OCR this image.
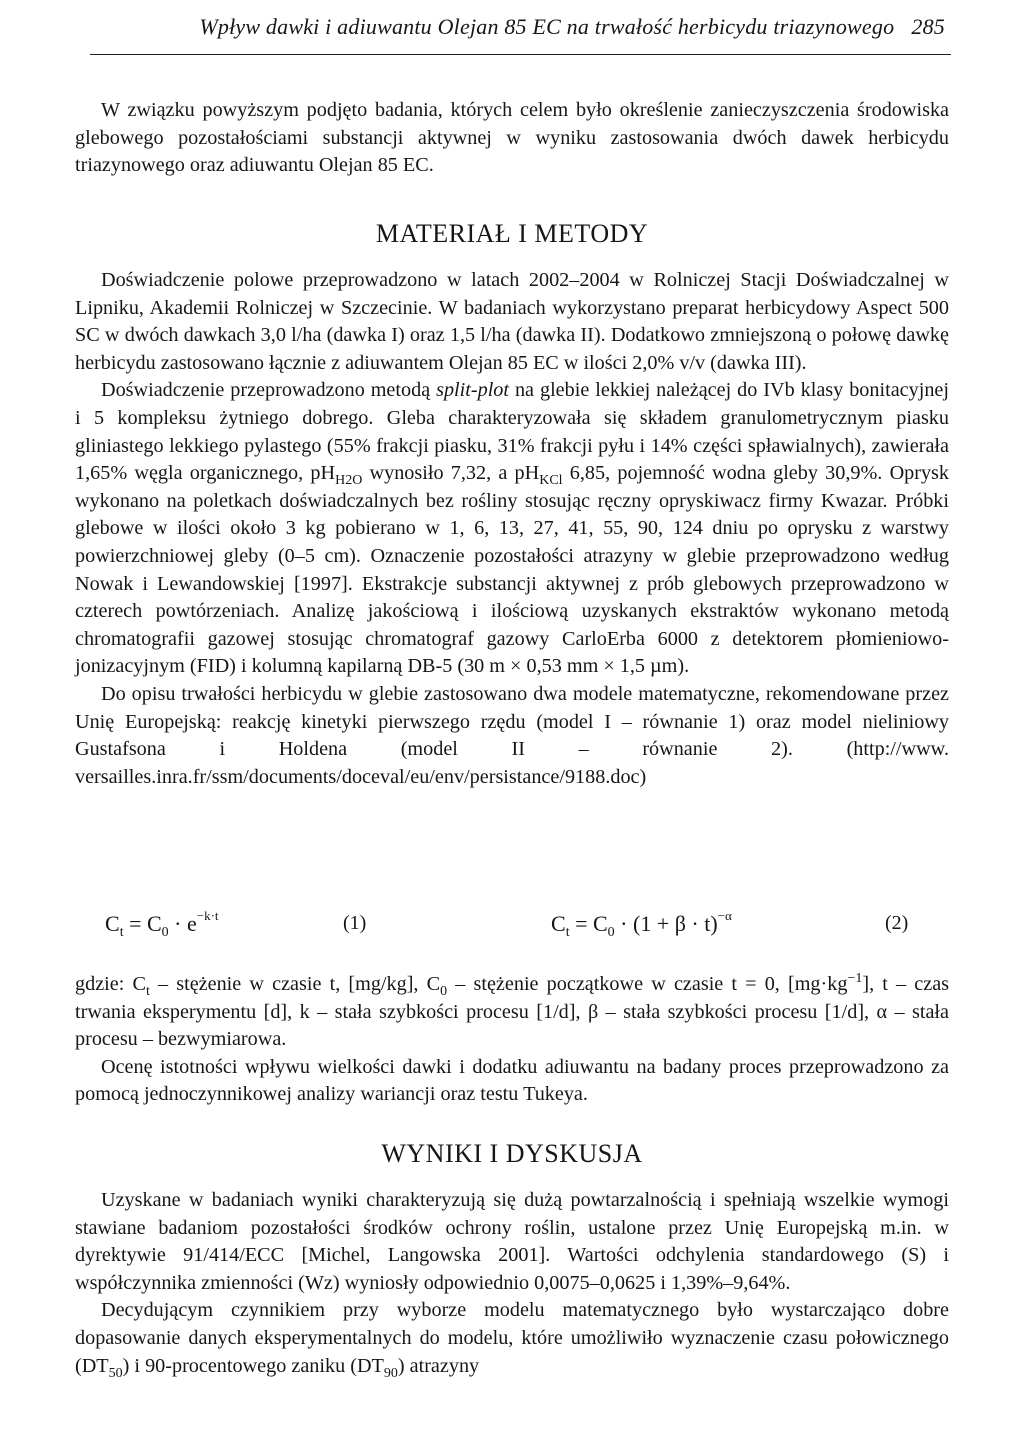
Wpływ dawki i adiuwantu Olejan 85 EC na trwałość herbicydu triazynowego 285

W związku powyższym podjęto badania, których celem było określenie zanieczyszczenia środowiska glebowego pozostałościami substancji aktywnej w wyniku zastosowania dwóch dawek herbicydu triazynowego oraz adiuwantu Olejan 85 EC.

MATERIAŁ I METODY

Doświadczenie polowe przeprowadzono w latach 2002–2004 w Rolniczej Stacji Doświadczalnej w Lipniku, Akademii Rolniczej w Szczecinie. W badaniach wykorzystano preparat herbicydowy Aspect 500 SC w dwóch dawkach 3,0 l/ha (dawka I) oraz 1,5 l/ha (dawka II). Dodatkowo zmniejszoną o połowę dawkę herbicydu zastosowano łącznie z adiuwantem Olejan 85 EC w ilości 2,0% v/v (dawka III).

Doświadczenie przeprowadzono metodą split-plot na glebie lekkiej należącej do IVb klasy bonitacyjnej i 5 kompleksu żytniego dobrego. Gleba charakteryzowała się składem granulometrycznym piasku gliniastego lekkiego pylastego (55% frakcji piasku, 31% frakcji pyłu i 14% części spławialnych), zawierała 1,65% węgla organicznego, $pH_{H2O}$ wynosiło 7,32, a $pH_{KCl}$ 6,85, pojemność wodna gleby 30,9%. Oprysk wykonano na poletkach doświadczalnych bez rośliny stosując ręczny opryskiwacz firmy Kwazar. Próbki glebowe w ilości około 3 kg pobierano w 1, 6, 13, 27, 41, 55, 90, 124 dniu po oprysku z warstwy powierzchniowej gleby (0–5 cm). Oznaczenie pozostałości atrazyny w glebie przeprowadzono według Nowak i Lewandowskiej [1997]. Ekstrakcje substancji aktywnej z prób glebowych przeprowadzono w czterech powtórzeniach. Analizę jakościową i ilościową uzyskanych ekstraktów wykonano metodą chromatografii gazowej stosując chromatograf gazowy CarloErba 6000 z detektorem płomieniowo-jonizacyjnym (FID) i kolumną kapilarną DB-5 (30 m × 0,53 mm × 1,5 µm).

Do opisu trwałości herbicydu w glebie zastosowano dwa modele matematyczne, rekomendowane przez Unię Europejską: reakcję kinetyki pierwszego rzędu (model I – równanie 1) oraz model nieliniowy Gustafsona i Holdena (model II – równanie 2).	(http://www. versailles.inra.fr/ssm/documents/doceval/eu/env/persistance/9188.doc)

$C_t = C_0 \cdot e^{-k\cdot t}$	(1)	$C_t = C_0 \cdot (1 + \beta \cdot t)^{-\alpha}$	(2)

gdzie: $C_t$ – stężenie w czasie t, [mg/kg], $C_0$ – stężenie początkowe w czasie t = 0, $[mg\cdot kg^{-1}]$, t – czas trwania eksperymentu [d], k – stała szybkości procesu [1/d], β – stała szybkości procesu [1/d], α – stała procesu – bezwymiarowa.

Ocenę istotności wpływu wielkości dawki i dodatku adiuwantu na badany proces przeprowadzono za pomocą jednoczynnikowej analizy wariancji oraz testu Tukeya.

WYNIKI I DYSKUSJA

Uzyskane w badaniach wyniki charakteryzują się dużą powtarzalnością i spełniają wszelkie wymogi stawiane badaniom pozostałości środków ochrony roślin, ustalone przez Unię Europejską m.in. w dyrektywie 91/414/ECC [Michel, Langowska 2001]. Wartości odchylenia standardowego (S) i współczynnika zmienności (Wz) wyniosły odpowiednio 0,0075–0,0625 i 1,39%–9,64%.

Decydującym czynnikiem przy wyborze modelu matematycznego było wystarczająco dobre dopasowanie danych eksperymentalnych do modelu, które umożliwiło wyznaczenie czasu połowicznego $(DT_{50})$ i 90-procentowego zaniku $(DT_{90})$ atrazyny
